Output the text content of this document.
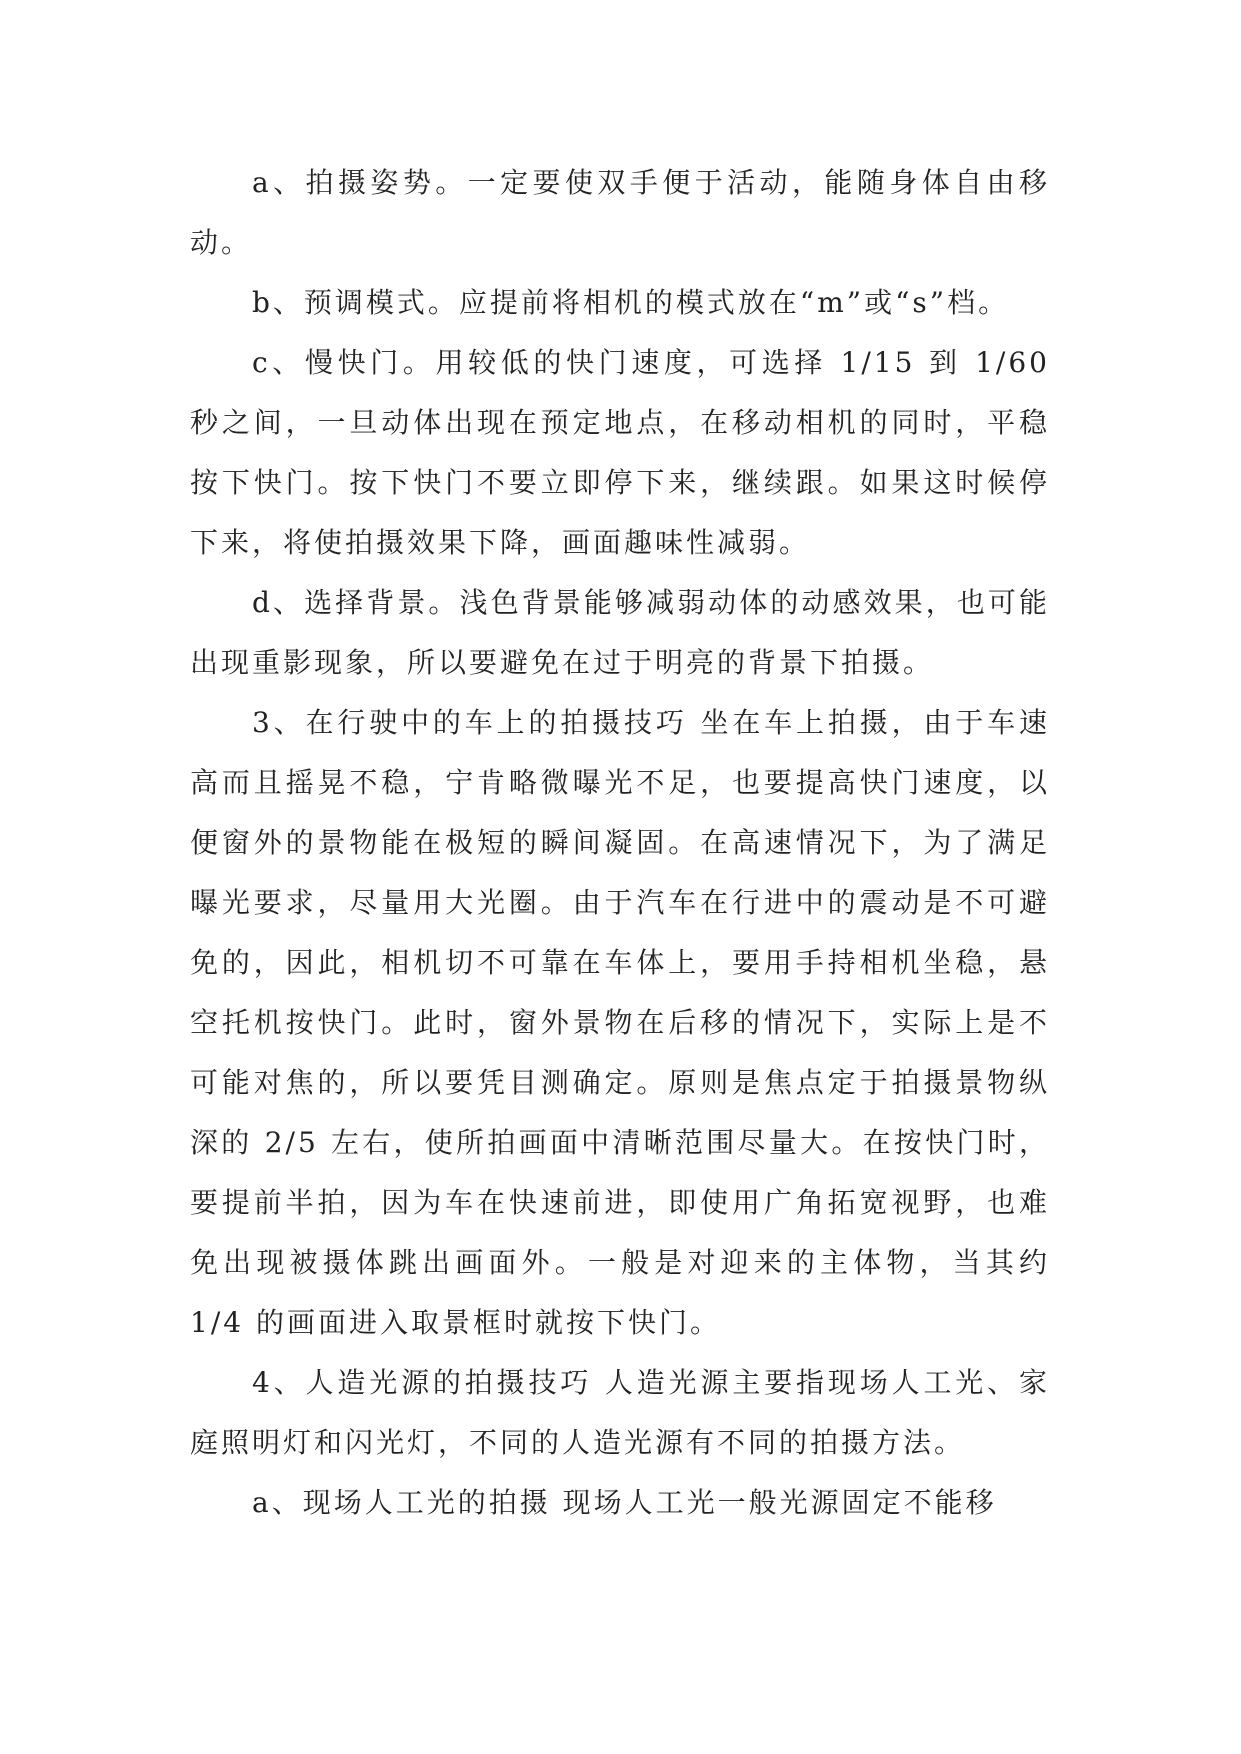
a、拍摄姿势。一定要使双手便于活动，能随身体自由移动。

b、预调模式。应提前将相机的模式放在“m”或“s”档。

c、慢快门。用较低的快门速度，可选择 1/15 到 1/60 秒之间，一旦动体出现在预定地点，在移动相机的同时，平稳按下快门。按下快门不要立即停下来，继续跟。如果这时候停下来，将使拍摄效果下降，画面趣味性减弱。

d、选择背景。浅色背景能够减弱动体的动感效果，也可能出现重影现象，所以要避免在过于明亮的背景下拍摄。

3、在行驶中的车上的拍摄技巧 坐在车上拍摄，由于车速高而且摇晃不稳，宁肯略微曝光不足，也要提高快门速度，以便窗外的景物能在极短的瞬间凝固。在高速情况下，为了满足曝光要求，尽量用大光圈。由于汽车在行进中的震动是不可避免的，因此，相机切不可靠在车体上，要用手持相机坐稳，悬空托机按快门。此时，窗外景物在后移的情况下，实际上是不可能对焦的，所以要凭目测确定。原则是焦点定于拍摄景物纵深的 2/5 左右，使所拍画面中清晰范围尽量大。在按快门时，要提前半拍，因为车在快速前进，即使用广角拓宽视野，也难免出现被摄体跳出画面外。一般是对迎来的主体物，当其约 1/4 的画面进入取景框时就按下快门。

4、人造光源的拍摄技巧 人造光源主要指现场人工光、家庭照明灯和闪光灯，不同的人造光源有不同的拍摄方法。

a、现场人工光的拍摄 现场人工光一般光源固定不能移
